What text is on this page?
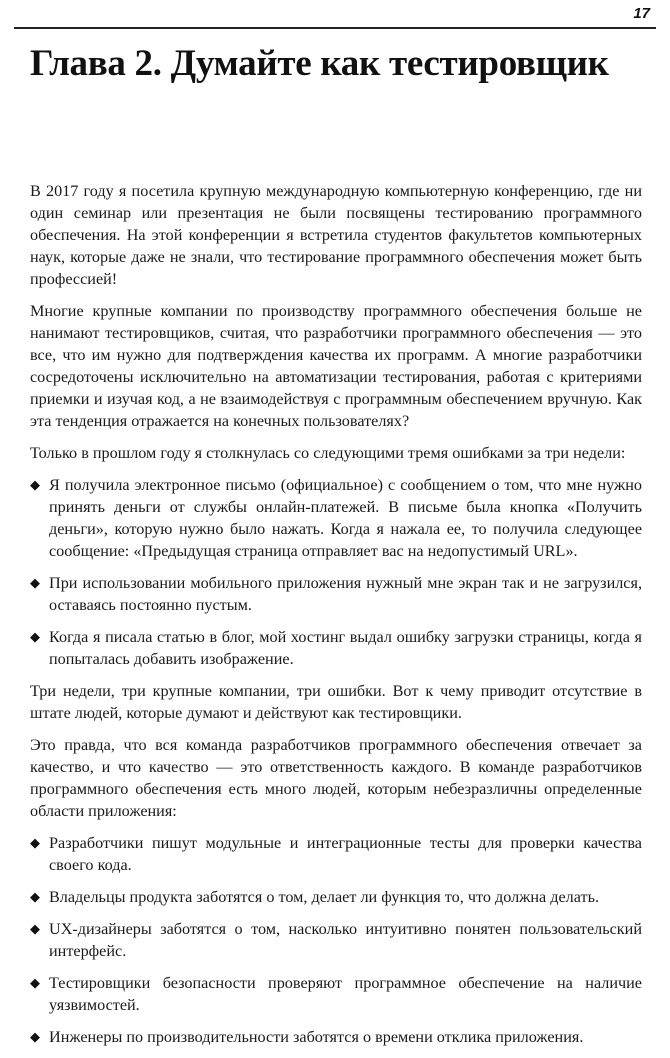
17
Глава 2. Думайте как тестировщик

В 2017 году я посетила крупную международную компьютерную конференцию, где ни один семинар или презентация не были посвящены тестированию программного обеспечения. На этой конференции я встретила студентов факультетов компьютерных наук, которые даже не знали, что тестирование программного обеспечения может быть профессией!

Многие крупные компании по производству программного обеспечения больше не нанимают тестировщиков, считая, что разработчики программного обеспечения — это все, что им нужно для подтверждения качества их программ. А многие разработчики сосредоточены исключительно на автоматизации тестирования, работая с критериями приемки и изучая код, а не взаимодействуя с программным обеспечением вручную. Как эта тенденция отражается на конечных пользователях?

Только в прошлом году я столкнулась со следующими тремя ошибками за три недели:

◆ Я получила электронное письмо (официальное) с сообщением о том, что мне нужно принять деньги от службы онлайн-платежей. В письме была кнопка «Получить деньги», которую нужно было нажать. Когда я нажала ее, то получила следующее сообщение: «Предыдущая страница отправляет вас на недопустимый URL».
◆ При использовании мобильного приложения нужный мне экран так и не загрузился, оставаясь постоянно пустым.
◆ Когда я писала статью в блог, мой хостинг выдал ошибку загрузки страницы, когда я попыталась добавить изображение.

Три недели, три крупные компании, три ошибки. Вот к чему приводит отсутствие в штате людей, которые думают и действуют как тестировщики.

Это правда, что вся команда разработчиков программного обеспечения отвечает за качество, и что качество — это ответственность каждого. В команде разработчиков программного обеспечения есть много людей, которым небезразличны определенные области приложения:

◆ Разработчики пишут модульные и интеграционные тесты для проверки качества своего кода.
◆ Владельцы продукта заботятся о том, делает ли функция то, что должна делать.
◆ UX-дизайнеры заботятся о том, насколько интуитивно понятен пользовательский интерфейс.
◆ Тестировщики безопасности проверяют программное обеспечение на наличие уязвимостей.
◆ Инженеры по производительности заботятся о времени отклика приложения.
